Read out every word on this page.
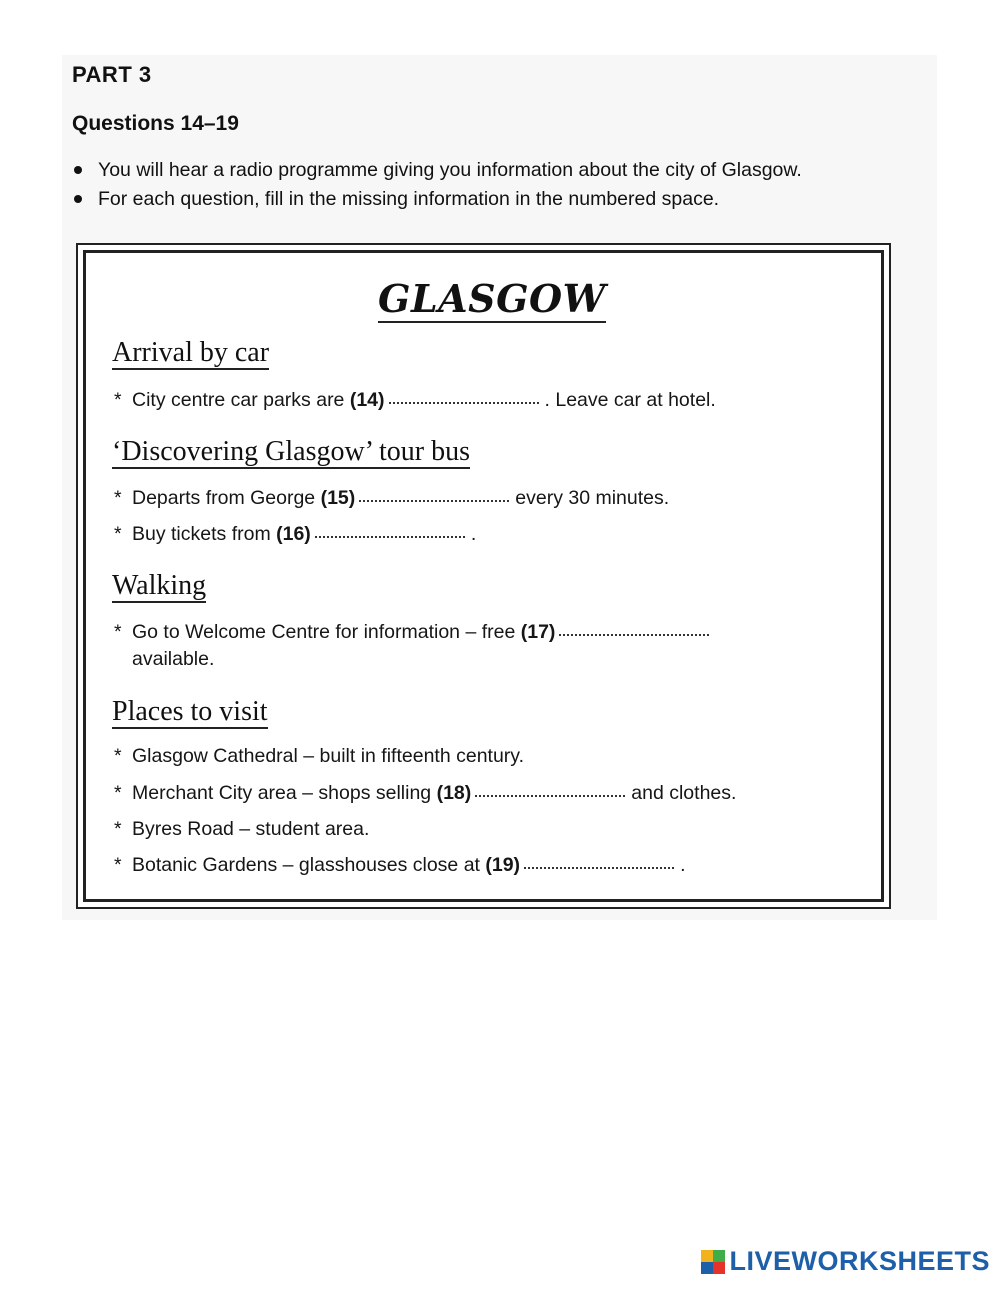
PART 3
Questions 14–19
You will hear a radio programme giving you information about the city of Glasgow.
For each question, fill in the missing information in the numbered space.
GLASGOW
Arrival by car
* City centre car parks are (14)	. Leave car at hotel.
‘Discovering Glasgow’ tour bus
* Departs from George (15)	every 30 minutes.
* Buy tickets from (16)	.
Walking
* Go to Welcome Centre for information – free (17)
available.
Places to visit
* Glasgow Cathedral – built in fifteenth century.
* Merchant City area – shops selling (18)	and clothes.
* Byres Road – student area.
* Botanic Gardens – glasshouses close at (19)	.
LIVEWORKSHEETS
